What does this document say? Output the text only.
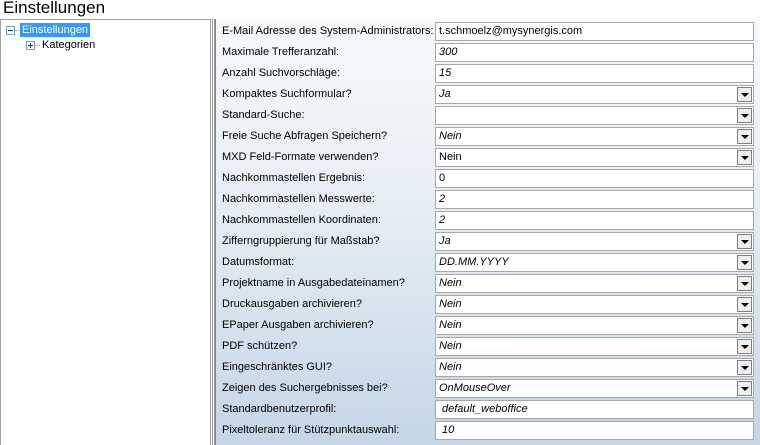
Einstellungen
Einstellungen
Kategorien
E-Mail Adresse des System-Administrators: t.schmoelz@mysynergis.com
Maximale Trefferanzahl:	300
Anzahl Suchvorschläge:	15
Kompaktes Suchformular?	Ja
Standard-Suche:
Freie Suche Abfragen Speichern?	Nein
MXD Feld-Formate verwenden?	Nein
Nachkommastellen Ergebnis:	0
Nachkommastellen Messwerte:	2
Nachkommastellen Koordinaten:	2
Zifferngruppierung für Maßstab?	Ja
Datumsformat:	DD.MM.YYYY
Projektname in Ausgabedateinamen?	Nein
Druckausgaben archivieren?	Nein
EPaper Ausgaben archivieren?	Nein
PDF schützen?	Nein
Eingeschränktes GUI?	Nein
Zeigen des Suchergebnisses bei?	OnMouseOver
Standardbenutzerprofil:	default_weboffice
Pixeltoleranz für Stützpunktauswahl:	10
